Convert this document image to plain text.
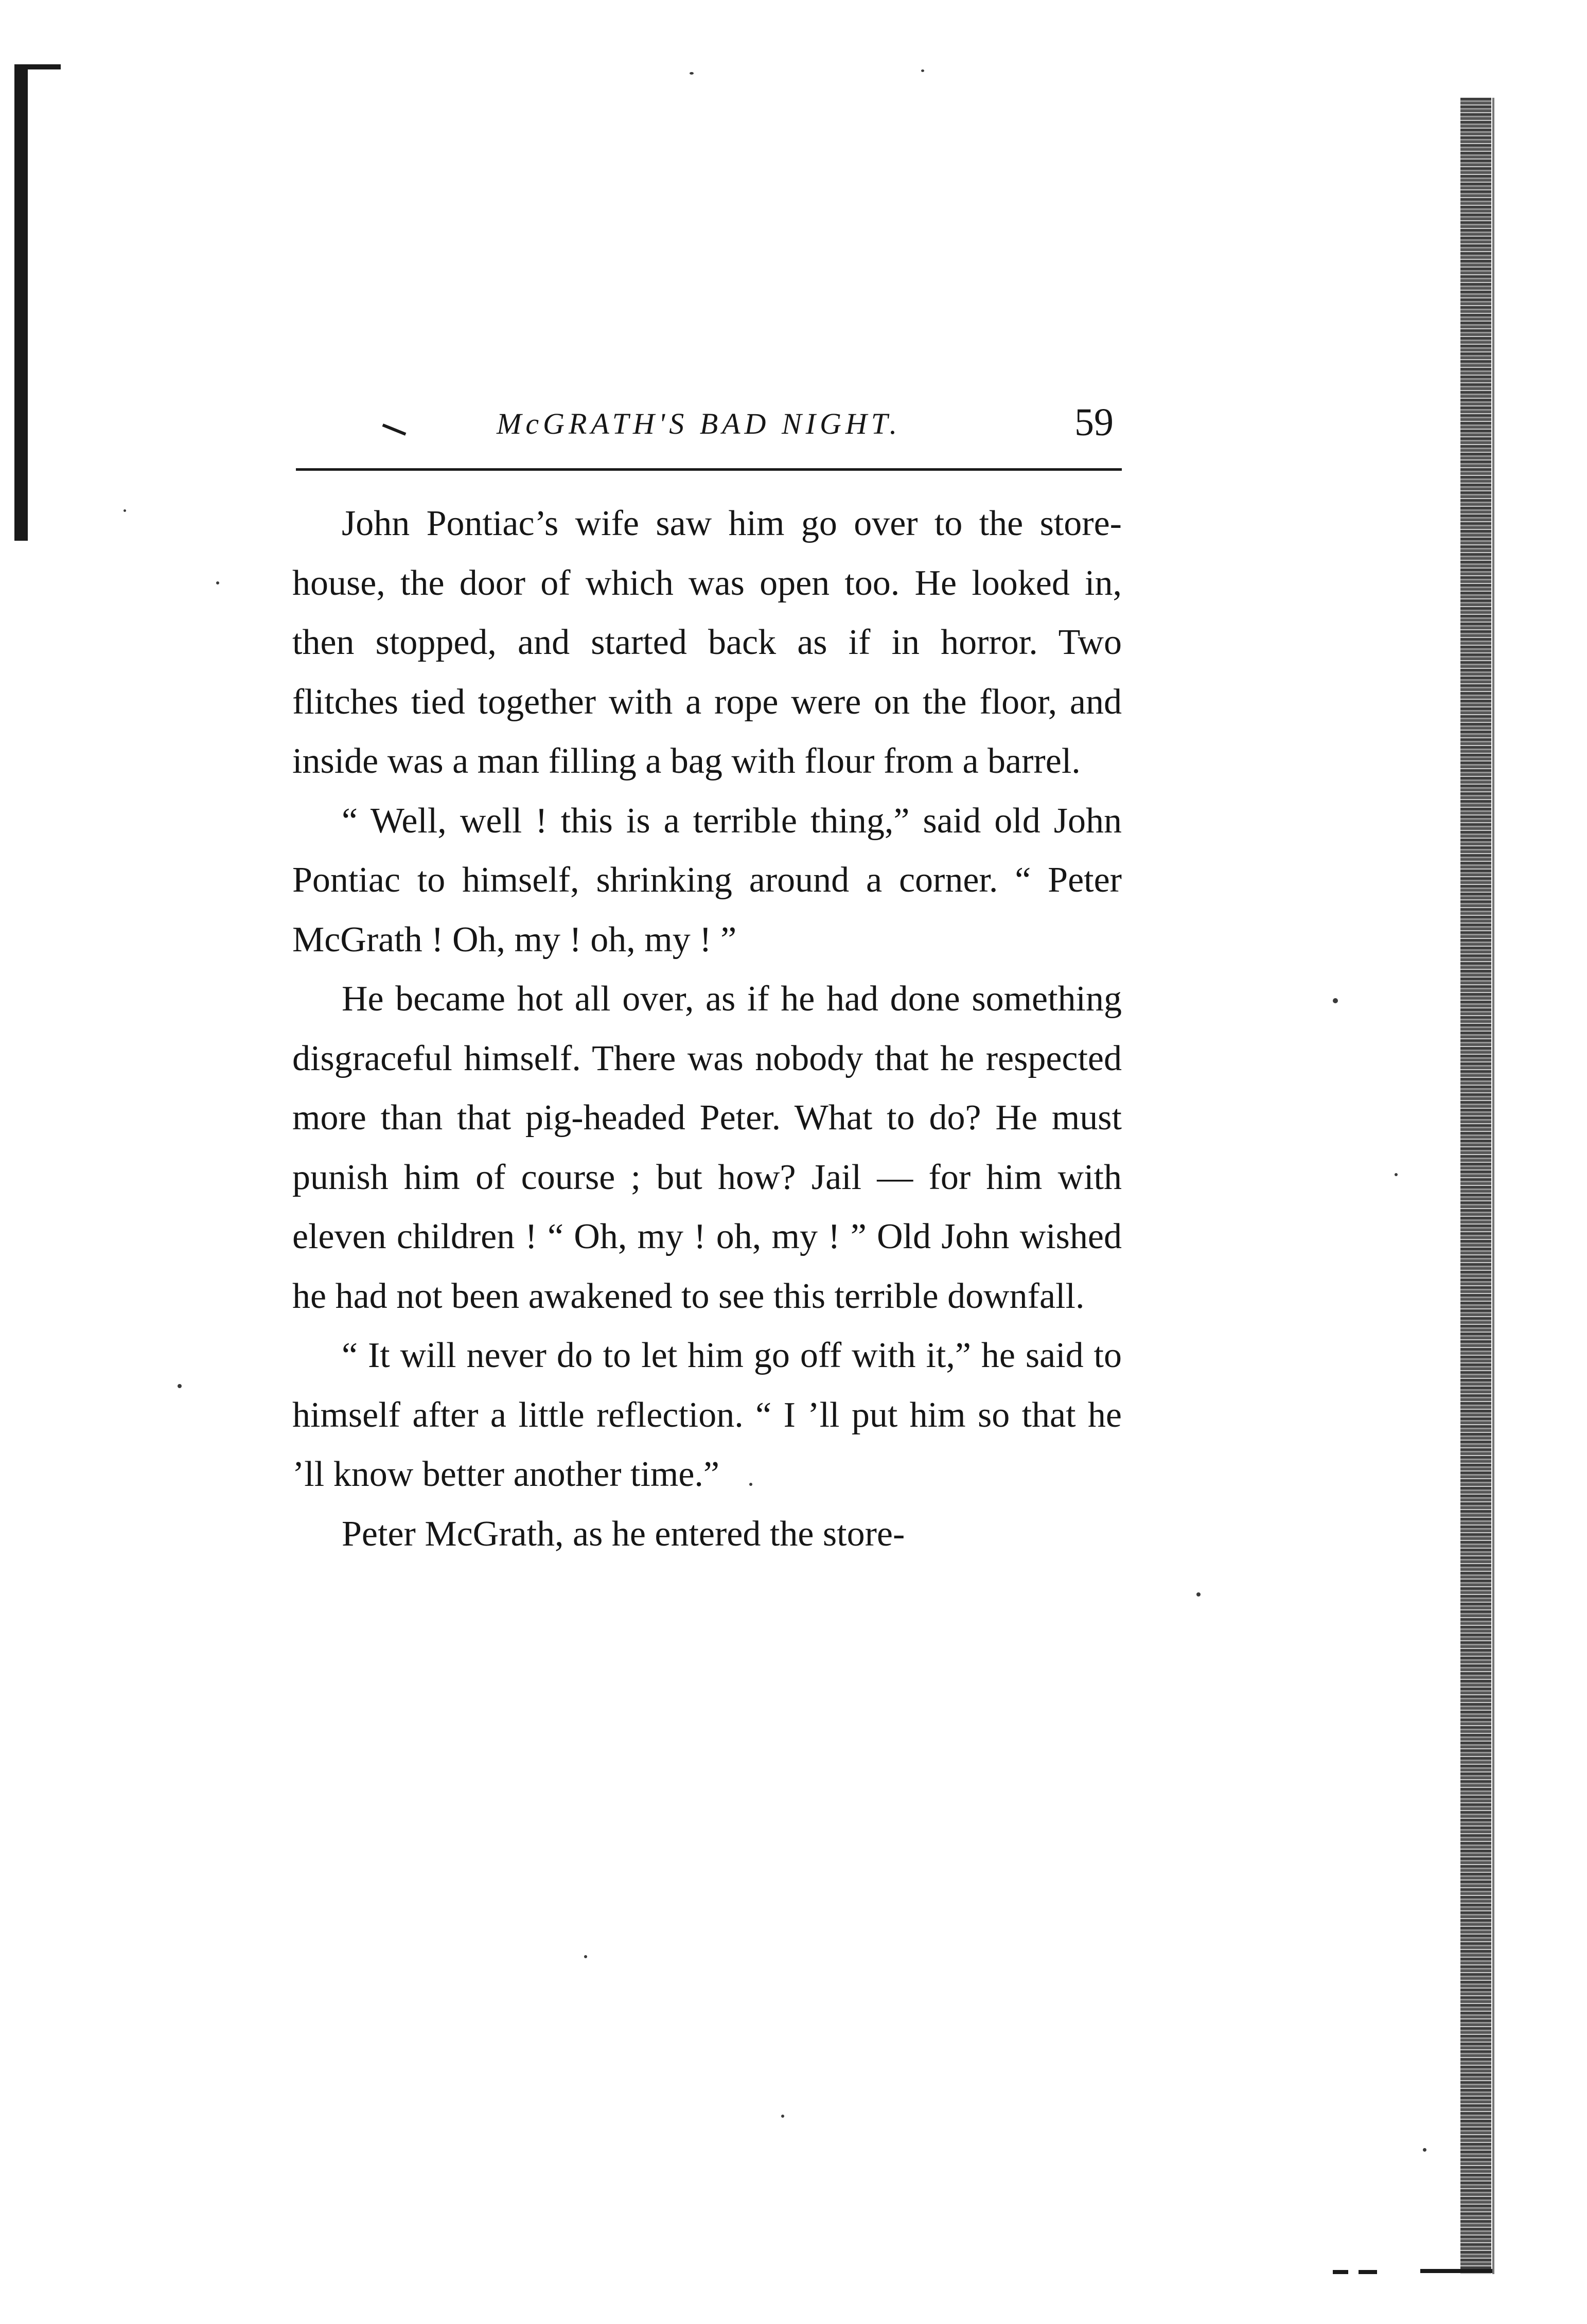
McGRATH'S BAD NIGHT.	59

John Pontiac’s wife saw him go over to the store-house, the door of which was open too. He looked in, then stopped, and started back as if in horror. Two flitches tied together with a rope were on the floor, and inside was a man filling a bag with flour from a barrel.

“ Well, well ! this is a terrible thing,” said old John Pontiac to himself, shrinking around a corner. “ Peter McGrath ! Oh, my ! oh, my ! ”

He became hot all over, as if he had done something disgraceful himself. There was nobody that he respected more than that pig-headed Peter. What to do? He must punish him of course ; but how? Jail — for him with eleven children ! “ Oh, my ! oh, my ! ” Old John wished he had not been awakened to see this terrible downfall.

“ It will never do to let him go off with it,” he said to himself after a little reflection. “ I ’ll put him so that he ’ll know better another time.”

Peter McGrath, as he entered the store-
